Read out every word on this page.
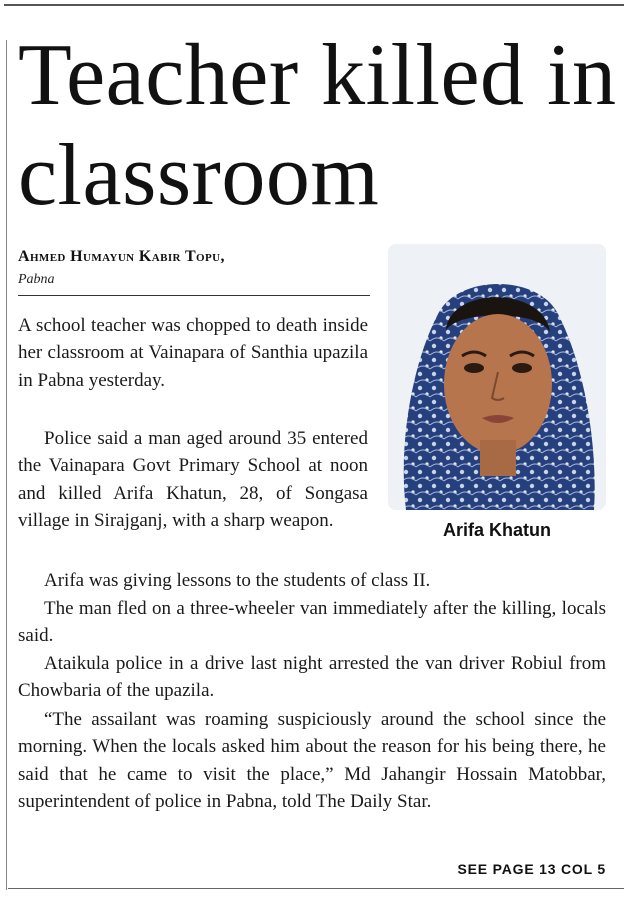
Teacher killed in classroom
Ahmed Humayun Kabir Topu,
Pabna
Arifa Khatun

A school teacher was chopped to death inside her classroom at Vainapara of Santhia upazila in Pabna yesterday.

Police said a man aged around 35 entered the Vainapara Govt Primary School at noon and killed Arifa Khatun, 28, of Songasa village in Sirajganj, with a sharp weapon.

Arifa was giving lessons to the students of class II.

The man fled on a three-wheeler van immediately after the killing, locals said.

Ataikula police in a drive last night arrested the van driver Robiul from Chowbaria of the upazila.

“The assailant was roaming suspiciously around the school since the morning. When the locals asked him about the reason for his being there, he said that he came to visit the place,” Md Jahangir Hossain Matobbar, superintendent of police in Pabna, told The Daily Star.

SEE PAGE 13 COL 5
